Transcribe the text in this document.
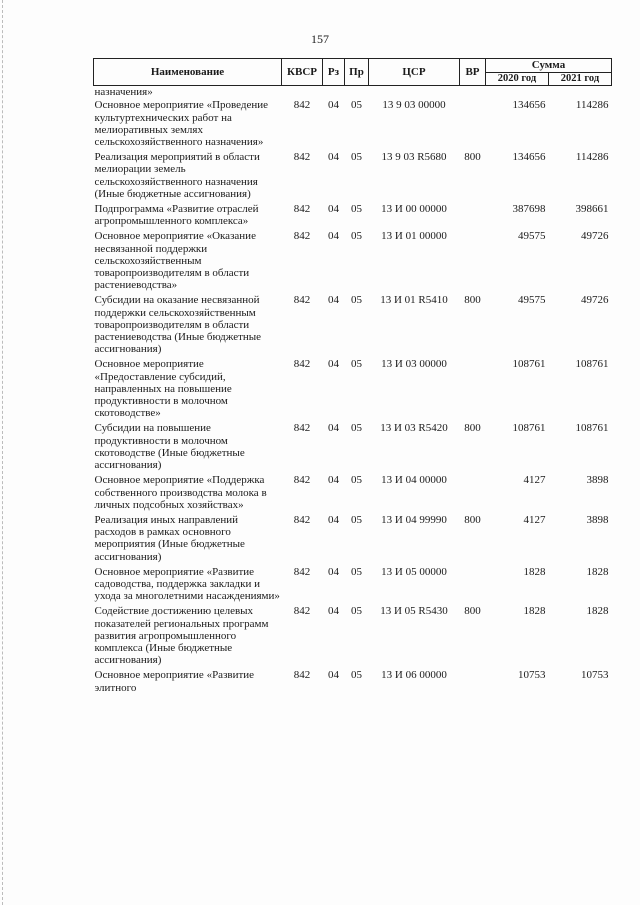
157
Наименование	КВСР	Рз	Пр	ЦСР	ВР	Сумма	
						2020 год	2021 год
назначения»							
Основное мероприятие «Проведение культуртехнических работ на мелиоративных землях сельскохозяйственного назначения»	842	04	05	13 9 03 00000		134656	114286
Реализация мероприятий в области мелиорации земель сельскохозяйственного назначения (Иные бюджетные ассигнования)	842	04	05	13 9 03 R5680	800	134656	114286
Подпрограмма «Развитие отраслей агропромышленного комплекса»	842	04	05	13 И 00 00000		387698	398661
Основное мероприятие «Оказание несвязанной поддержки сельскохозяйственным товаропроизводителям в области растениеводства»	842	04	05	13 И 01 00000		49575	49726
Субсидии на оказание несвязанной поддержки сельскохозяйственным товаропроизводителям в области растениеводства (Иные бюджетные ассигнования)	842	04	05	13 И 01 R5410	800	49575	49726
Основное мероприятие «Предоставление субсидий, направленных на повышение продуктивности в молочном скотоводстве»	842	04	05	13 И 03 00000		108761	108761
Субсидии на повышение продуктивности в молочном скотоводстве (Иные бюджетные ассигнования)	842	04	05	13 И 03 R5420	800	108761	108761
Основное мероприятие «Поддержка собственного производства молока в личных подсобных хозяйствах»	842	04	05	13 И 04 00000		4127	3898
Реализация иных направлений расходов в рамках основного мероприятия (Иные бюджетные ассигнования)	842	04	05	13 И 04 99990	800	4127	3898
Основное мероприятие «Развитие садоводства, поддержка закладки и ухода за многолетними насаждениями»	842	04	05	13 И 05 00000		1828	1828
Содействие достижению целевых показателей региональных программ развития агропромышленного комплекса (Иные бюджетные ассигнования)	842	04	05	13 И 05 R5430	800	1828	1828
Основное мероприятие «Развитие элитного	842	04	05	13 И 06 00000		10753	10753
